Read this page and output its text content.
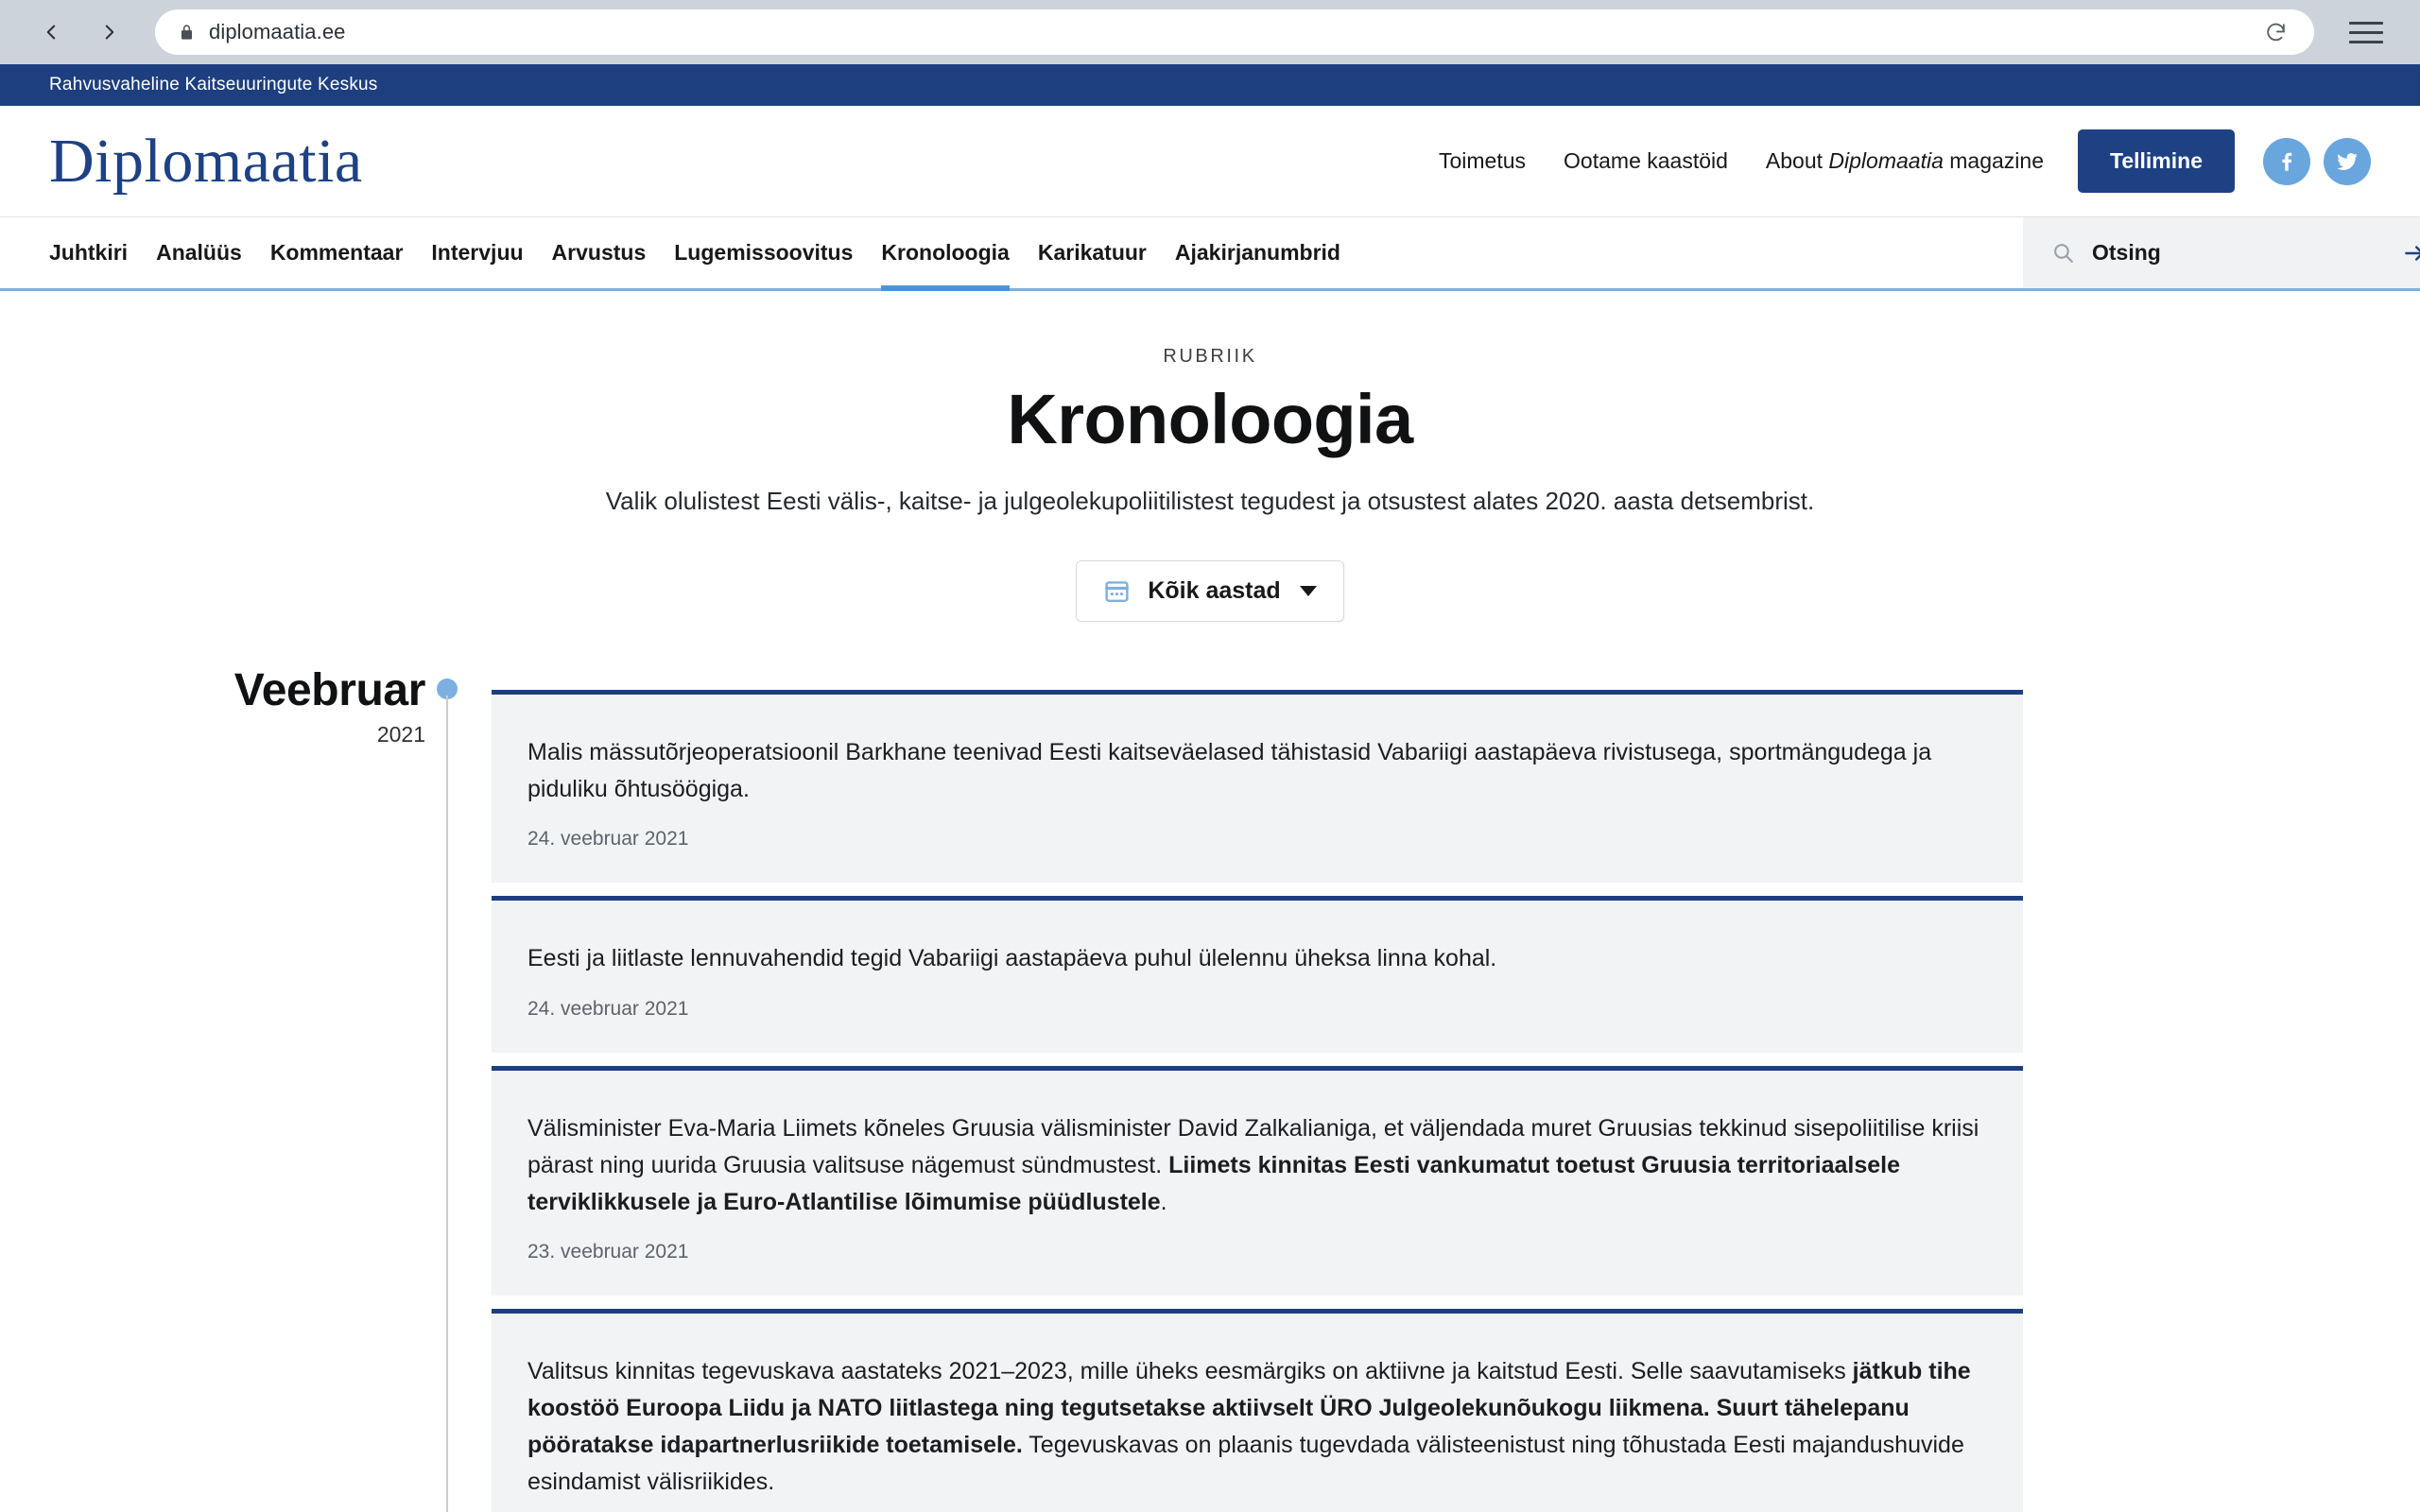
diplomaatia.ee
Rahvusvaheline Kaitseuuringute Keskus
Diplomaatia	Toimetus Ootame kaastöid About Diplomaatia magazine	Tellimine
Juhtkiri Analüüs Kommentaar Intervjuu Arvustus Lugemissoovitus Kronoloogia Karikatuur Ajakirjanumbrid
Otsing
RUBRIIK
Kronoloogia

Valik olulistest Eesti välis-, kaitse- ja julgeolekupoliitilistest tegudest ja otsustest alates 2020. aasta detsembrist.

Kõik aastad
Veebruar
2021
Malis mässutõrjeoperatsioonil Barkhane teenivad Eesti kaitseväelased tähistasid Vabariigi aastapäeva rivistusega, sportmängudega ja piduliku õhtusöögiga.
24. veebruar 2021
Eesti ja liitlaste lennuvahendid tegid Vabariigi aastapäeva puhul ülelennu üheksa linna kohal.
24. veebruar 2021
Välisminister Eva-Maria Liimets kõneles Gruusia välisminister David Zalkalianiga, et väljendada muret Gruusias tekkinud sisepoliitilise kriisi pärast ning uurida Gruusia valitsuse nägemust sündmustest. Liimets kinnitas Eesti vankumatut toetust Gruusia territoriaalsele terviklikkusele ja Euro-Atlantilise lõimumise püüdlustele.
23. veebruar 2021
Valitsus kinnitas tegevuskava aastateks 2021–2023, mille üheks eesmärgiks on aktiivne ja kaitstud Eesti. Selle saavutamiseks jätkub tihe koostöö Euroopa Liidu ja NATO liitlastega ning tegutsetakse aktiivselt ÜRO Julgeolekunõukogu liikmena. Suurt tähelepanu pööratakse idapartnerlusriikide toetamisele. Tegevuskavas on plaanis tugevdada välisteenistust ning tõhustada Eesti majandushuvide esindamist välisriikides.
